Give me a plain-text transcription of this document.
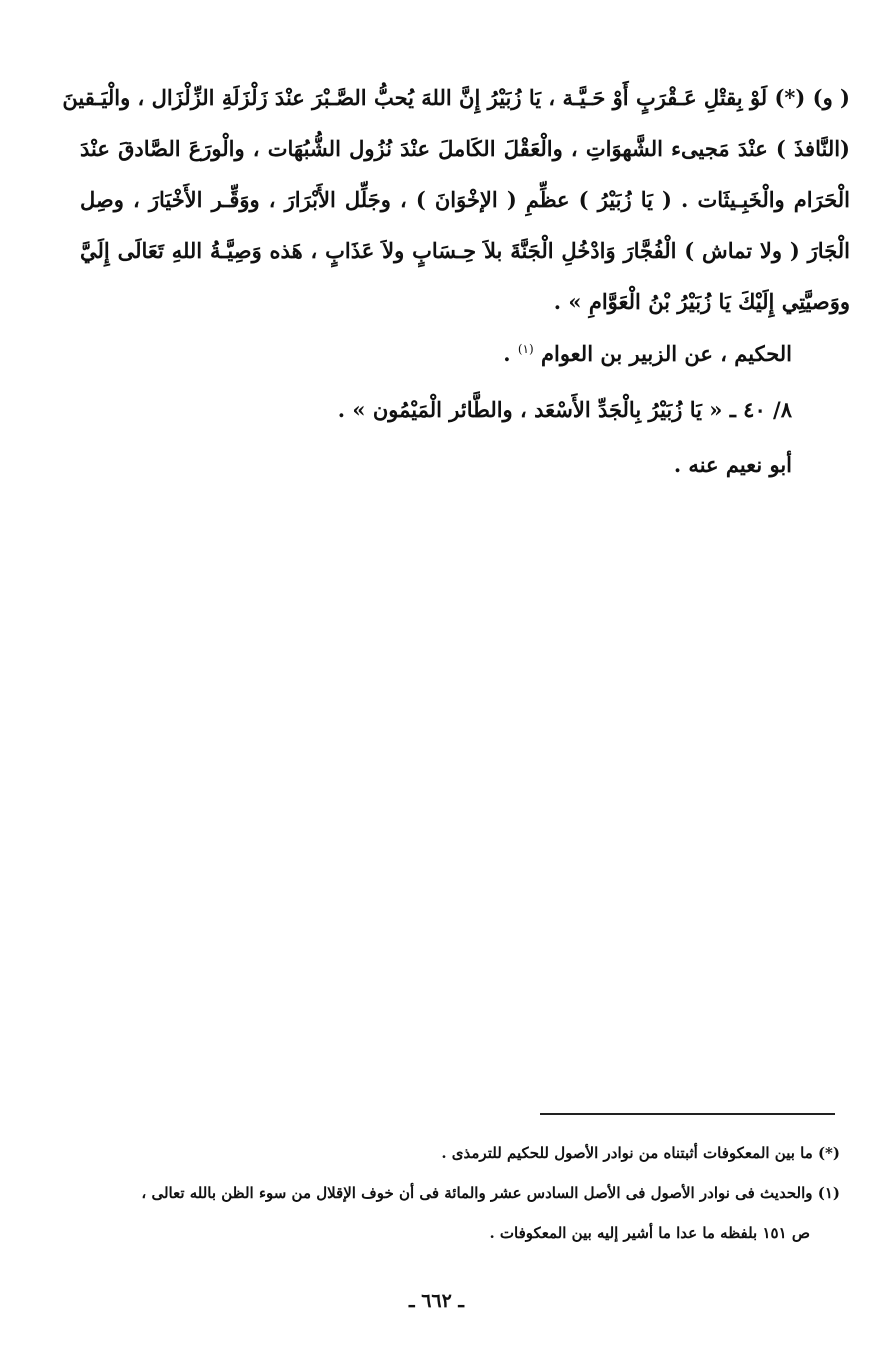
( و) (*) لَوْ بِقتْلِ عَـقْرَبٍ أَوْ حَـيَّـة ، يَا زُبَيْرُ إِنَّ اللهَ يُحبُّ الصَّـبْرَ عنْدَ زَلْزَلَةِ الزِّلْزَال ، والْيَـقينَ
(النَّافذَ ) عنْدَ مَجيىء الشَّهوَاتِ ، والْعَقْلَ الكَاملَ عنْدَ نُزُول الشُّبُهَات ، والْورَعَ الصَّادقَ عنْدَ
الْحَرَام والْخَبِـيثَات . ( يَا زُبَيْرُ ) عظِّمِ ( الإخْوَانَ ) ، وجَلِّل الأَبْرَارَ ، ووَقِّـر الأَخْيَارَ ، وصِل
الْجَارَ ( ولا تماش ) الْفُجَّارَ وَادْخُلِ الْجَنَّةَ بلاَ حِـسَابٍ ولاَ عَذَابٍ ، هَذه وَصِيَّـةُ اللهِ تَعَالَى إِلَيَّ
ووَصيَّتِي إِلَيْكَ يَا زُبَيْرُ بْنُ الْعَوَّامِ » .
الحكيم ، عن الزبير بن العوام $^{(١)}$ .
٨/ ٤٠ ـ « يَا زُبَيْرُ بِالْجَدِّ الأَسْعَد ، والطَّائر الْمَيْمُون » .
أبو نعيم عنه .
(*) ما بين المعكوفات أثبتناه من نوادر الأصول للحكيم للترمذى .
(١) والحديث فى نوادر الأصول فى الأصل السادس عشر والمائة فى أن خوف الإقلال من سوء الظن بالله تعالى ،
ص ١٥١ بلفظه ما عدا ما أشير إليه بين المعكوفات .
ـ ٦٦٢ ـ
